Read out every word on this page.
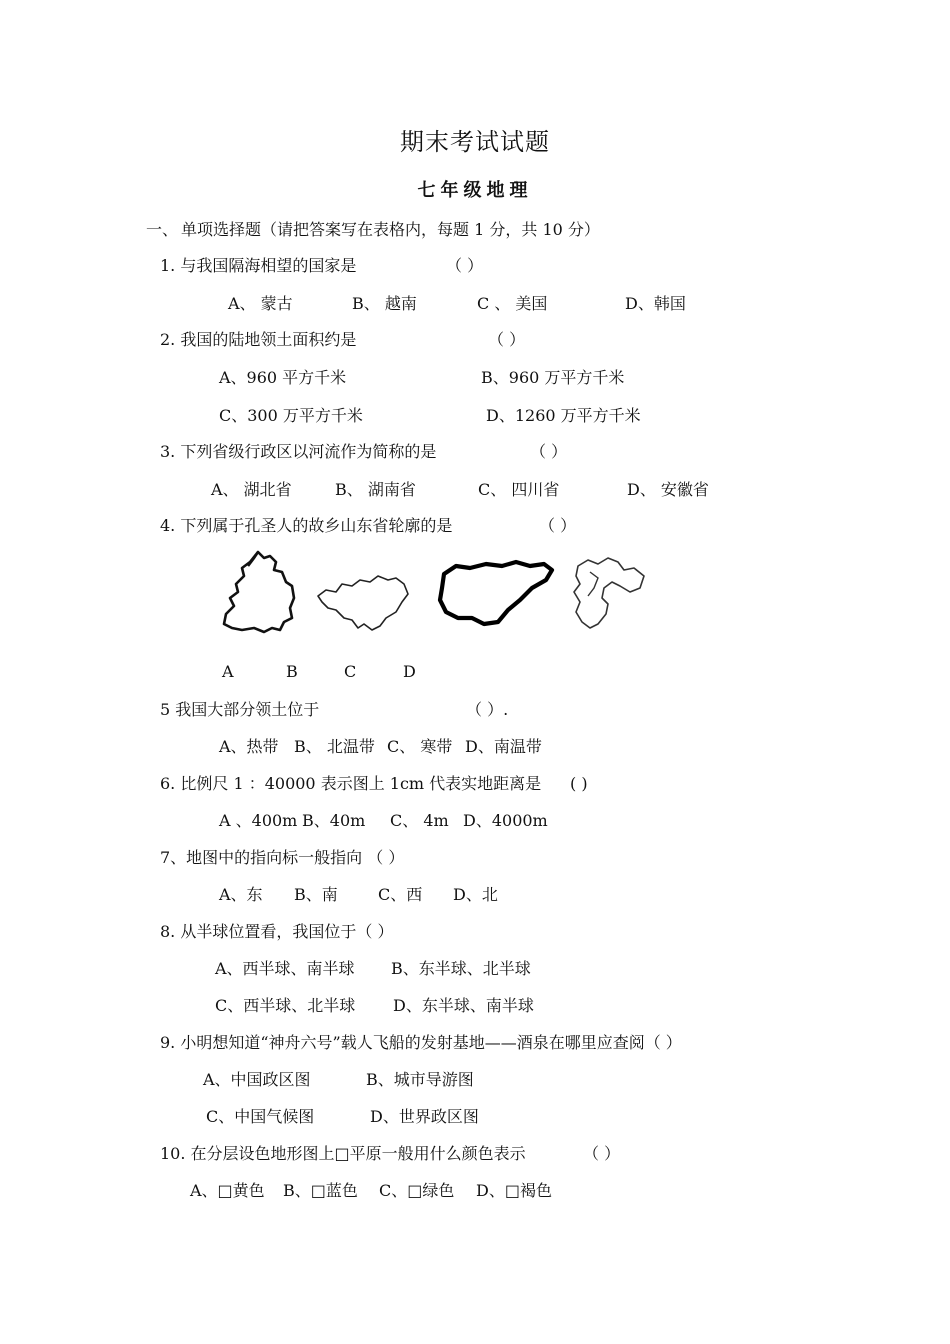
期末考试试题
七年级地理
一、 单项选择题（请把答案写在表格内，每题 1 分，共 10 分）
1. 与我国隔海相望的国家是	（ ）
A、 蒙古	B、 越南	C 、 美国	D、韩国
2. 我国的陆地领土面积约是	（ ）
A、960 平方千米	B、960 万平方千米
C、300 万平方千米	D、1260 万平方千米
3. 下列省级行政区以河流作为简称的是	（ ）
A、 湖北省	B、 湖南省	C、 四川省	D、 安徽省
4. 下列属于孔圣人的故乡山东省轮廓的是	（ ）
A	B	C	D
5 我国大部分领土位于	（ ）.
A、热带 B、 北温带 C、 寒带 D、南温带
6. 比例尺 1 ：40000 表示图上 1cm 代表实地距离是 ( )
A 、400m B、40m C、 4m D、4000m
7、地图中的指向标一般指向 （ ）
A、东 B、南	C、西 D、北
8. 从半球位置看，我国位于（ ）
A、西半球、南半球 B、东半球、北半球
C、西半球、北半球 D、东半球、南半球
9. 小明想知道“神舟六号”载人飞船的发射基地——酒泉在哪里应查阅（ ）
A、中国政区图	B、城市导游图
C、中国气候图	D、世界政区图
10. 在分层设色地形图上□平原一般用什么颜色表示	（ ）
A、□黄色 B、□蓝色 C、□绿色 D、□褐色
